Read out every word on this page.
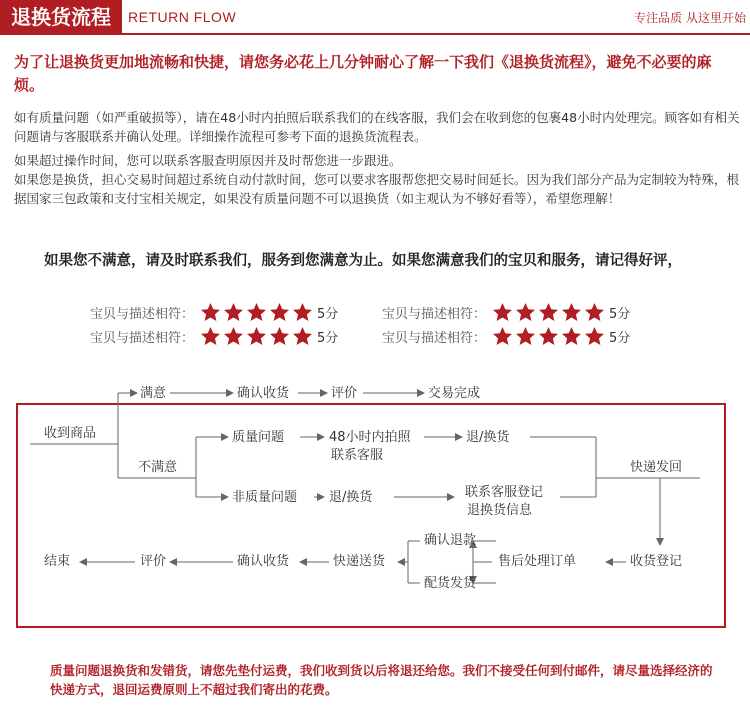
退换货流程	RETURN FLOW	专注品质 从这里开始
为了让退换货更加地流畅和快捷，请您务必花上几分钟耐心了解一下我们《退换货流程》，避免不必要的麻烦。
如有质量问题（如严重破损等），请在48小时内拍照后联系我们的在线客服，我们会在收到您的包裹48小时内处理完。顾客如有相关问题请与客服联系并确认处理。详细操作流程可参考下面的退换货流程表。
如果超过操作时间，您可以联系客服查明原因并及时帮您进一步跟进。
如果您是换货，担心交易时间超过系统自动付款时间，您可以要求客服帮您把交易时间延长。因为我们部分产品为定制较为特殊，根据国家三包政策和支付宝相关规定，如果没有质量问题不可以退换货（如主观认为不够好看等），希望您理解！
如果您不满意，请及时联系我们，服务到您满意为止。如果您满意我们的宝贝和服务，请记得好评，
宝贝与描述相符：	5分	宝贝与描述相符：	5分
宝贝与描述相符：	5分	宝贝与描述相符：	5分
满意	确认收货	评价	交易完成
收到商品
不满意
质量问题	48小时内拍照
联系客服
退/换货
非质量问题 退/换货	联系客服登记
退换货信息
快递发回
结束	评价	确认收货	快递送货
确认退款
配货发货
售后处理订单	收货登记
质量问题退换货和发错货，请您先垫付运费，我们收到货以后将退还给您。我们不接受任何到付邮件，请尽量选择经济的快递方式，退回运费原则上不超过我们寄出的花费。
